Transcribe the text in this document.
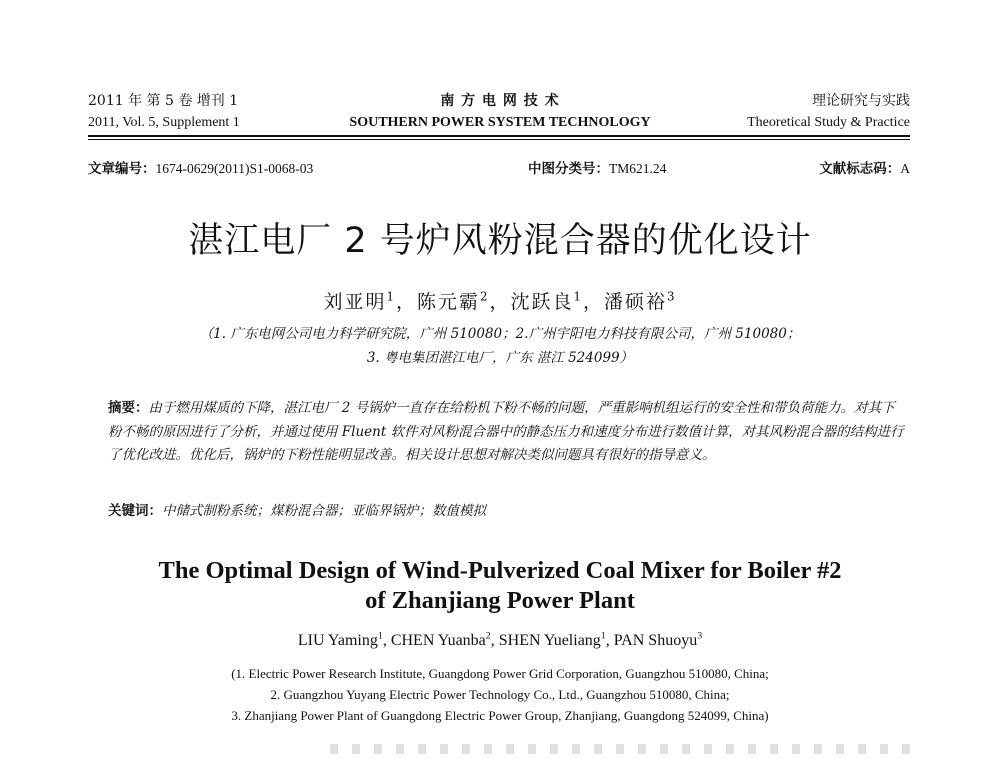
2011 年 第 5 卷 增刊 1
2011, Vol. 5, Supplement 1
南 方 电 网 技 术
SOUTHERN POWER SYSTEM TECHNOLOGY
理论研究与实践
Theoretical Study & Practice
文章编号：1674-0629(2011)S1-0068-03	中图分类号：TM621.24	文献标志码：A
湛江电厂 2 号炉风粉混合器的优化设计
刘亚明$^1$，陈元霸$^2$，沈跃良$^1$，潘硕裕$^3$
（1. 广东电网公司电力科学研究院，广州 510080；2.广州宇阳电力科技有限公司，广州 510080；
3. 粤电集团湛江电厂，广东 湛江 524099）
摘要：由于燃用煤质的下降，湛江电厂 2 号锅炉一直存在给粉机下粉不畅的问题，严重影响机组运行的安全性和带负荷能力。对其下粉不畅的原因进行了分析，并通过使用 Fluent 软件对风粉混合器中的静态压力和速度分布进行数值计算，对其风粉混合器的结构进行了优化改进。优化后，锅炉的下粉性能明显改善。相关设计思想对解决类似问题具有很好的指导意义。
关键词：中储式制粉系统；煤粉混合器；亚临界锅炉；数值模拟
The Optimal Design of Wind-Pulverized Coal Mixer for Boiler #2
of Zhanjiang Power Plant
LIU Yaming$^1$, CHEN Yuanba$^2$, SHEN Yueliang$^1$, PAN Shuoyu$^3$
(1. Electric Power Research Institute, Guangdong Power Grid Corporation, Guangzhou 510080, China;
2. Guangzhou Yuyang Electric Power Technology Co., Ltd., Guangzhou 510080, China;
3. Zhanjiang Power Plant of Guangdong Electric Power Group, Zhanjiang, Guangdong 524099, China)
